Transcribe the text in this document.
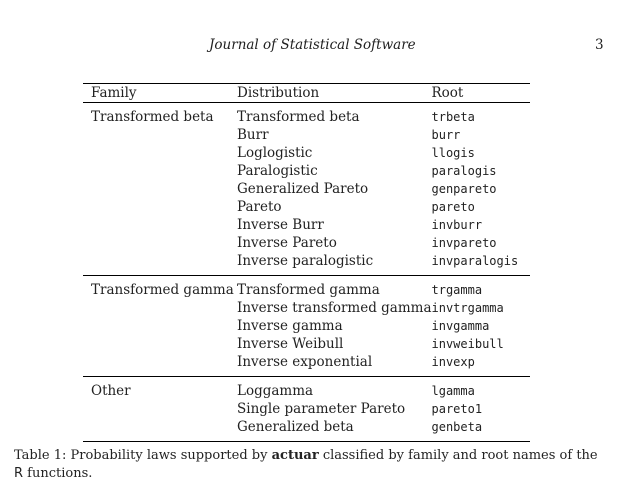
Journal of Statistical Software	3
Family	Distribution	Root
Transformed beta	Transformed beta	trbeta
	Burr	burr
	Loglogistic	llogis
	Paralogistic	paralogis
	Generalized Pareto	genpareto
	Pareto	pareto
	Inverse Burr	invburr
	Inverse Pareto	invpareto
	Inverse paralogistic	invparalogis
Transformed gamma	Transformed gamma	trgamma
	Inverse transformed gamma	invtrgamma
	Inverse gamma	invgamma
	Inverse Weibull	invweibull
	Inverse exponential	invexp
Other	Loggamma	lgamma
	Single parameter Pareto	pareto1
	Generalized beta	genbeta
Table 1: Probability laws supported by actuar classified by family and root names of the R functions.
